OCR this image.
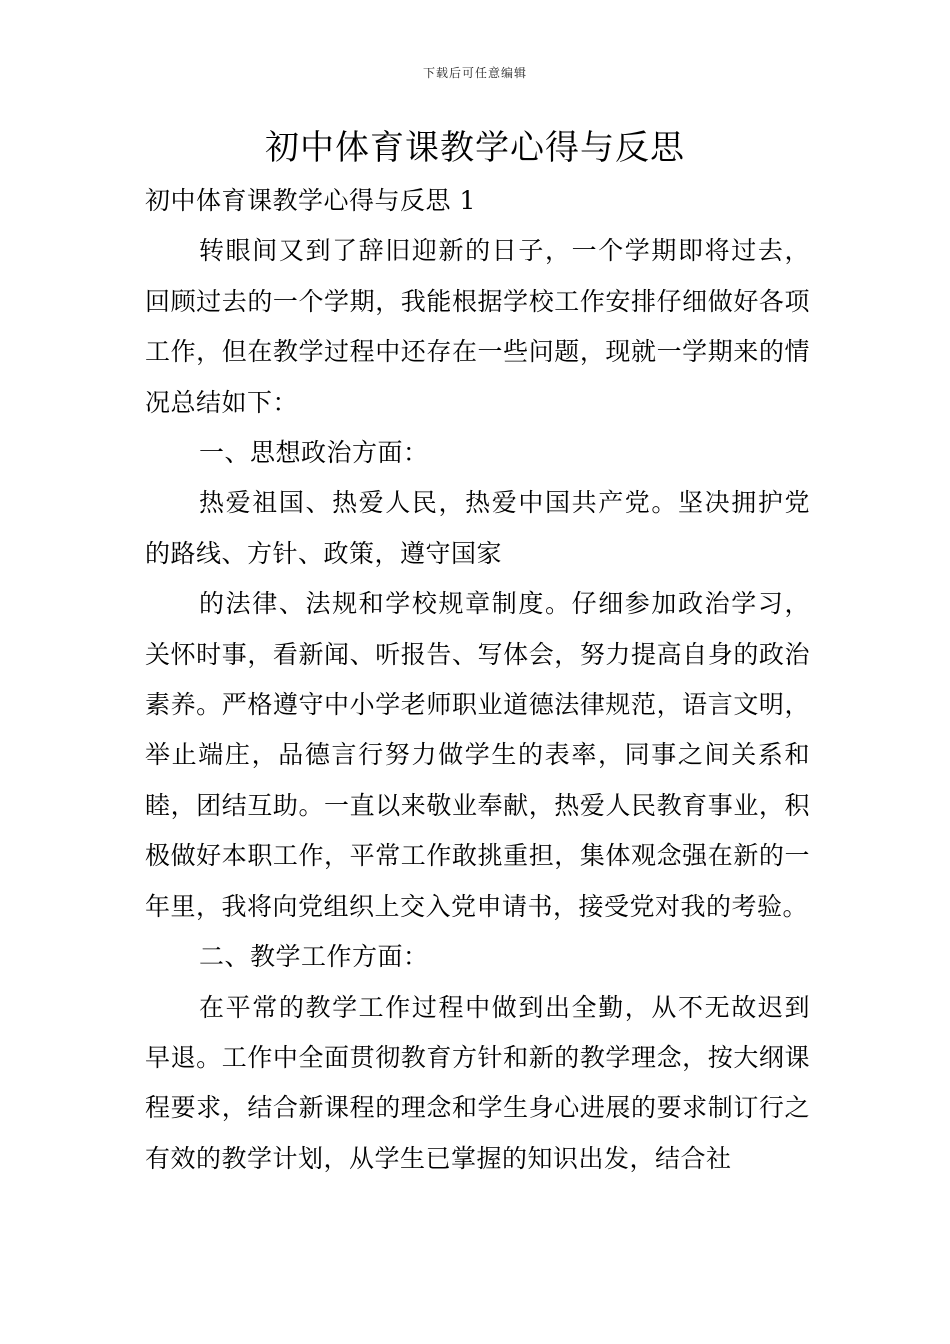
下载后可任意编辑
初中体育课教学心得与反思

初中体育课教学心得与反思 1

转眼间又到了辞旧迎新的日子，一个学期即将过去，回顾过去的一个学期，我能根据学校工作安排仔细做好各项工作，但在教学过程中还存在一些问题，现就一学期来的情况总结如下：

一、思想政治方面：

热爱祖国、热爱人民，热爱中国共产党。坚决拥护党的路线、方针、政策，遵守国家

的法律、法规和学校规章制度。仔细参加政治学习，关怀时事，看新闻、听报告、写体会，努力提高自身的政治素养。严格遵守中小学老师职业道德法律规范，语言文明，举止端庄，品德言行努力做学生的表率，同事之间关系和睦，团结互助。一直以来敬业奉献，热爱人民教育事业，积极做好本职工作，平常工作敢挑重担，集体观念强在新的一年里，我将向党组织上交入党申请书，接受党对我的考验。

二、教学工作方面：

在平常的教学工作过程中做到出全勤，从不无故迟到早退。工作中全面贯彻教育方针和新的教学理念，按大纲课程要求，结合新课程的理念和学生身心进展的要求制订行之有效的教学计划，从学生已掌握的知识出发，结合社
